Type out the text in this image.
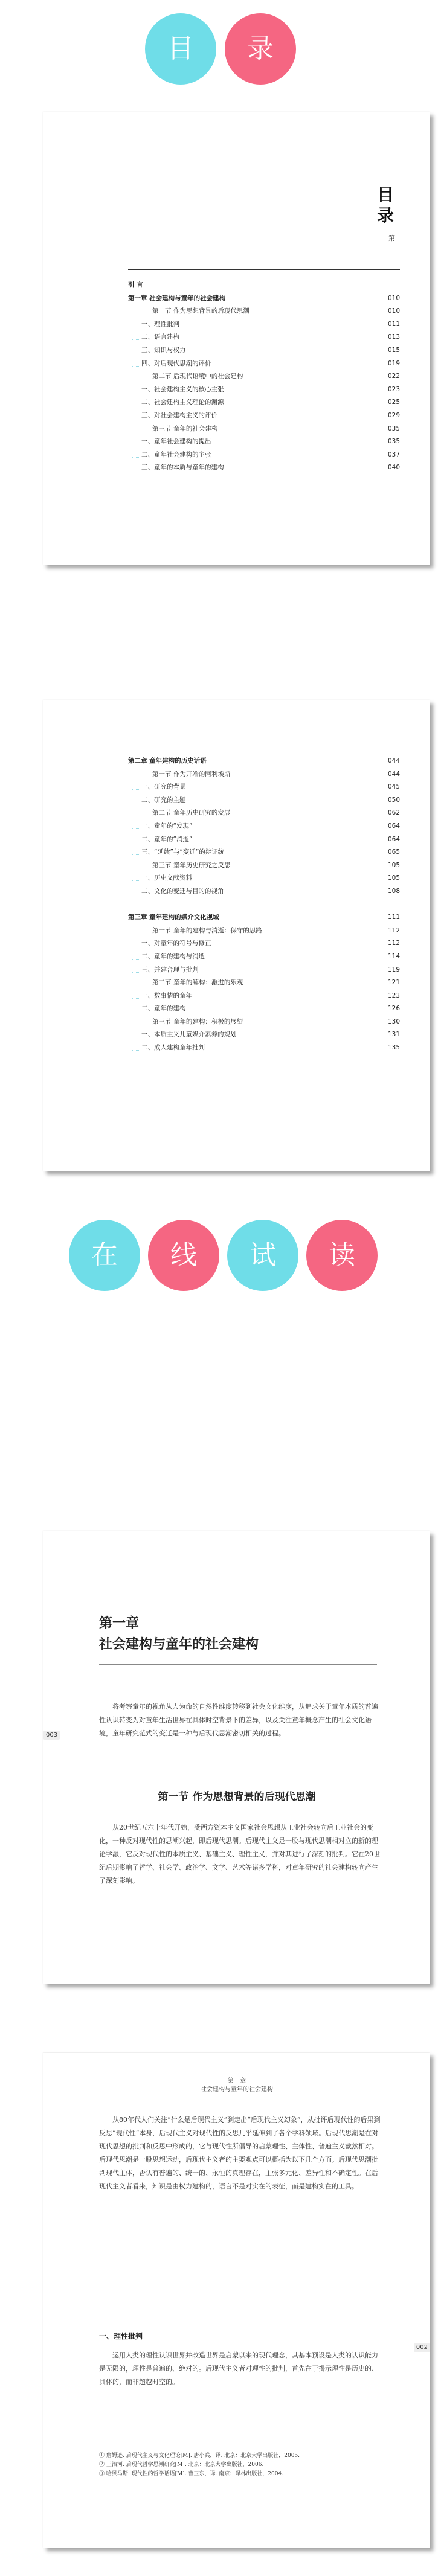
目	录
目
录
第
引 言
第一章 社会建构与童年的社会建构	010
第一节 作为思想背景的后现代思潮	010
一、理性批判	011
二、语言建构	013
三、知识与权力	015
四、对后现代思潮的评价	019
第二节 后现代语境中的社会建构	022
一、社会建构主义的核心主张	023
二、社会建构主义理论的渊源	025
三、对社会建构主义的评价	029
第三节 童年的社会建构	035
一、童年社会建构的提出	035
二、童年社会建构的主张	037
三、童年的本质与童年的建构	040
第二章 童年建构的历史话语	044
第一节 作为开端的阿利埃斯	044
一、研究的背景	045
二、研究的主题	050
第二节 童年历史研究的发展	062
一、童年的“发现”	064
二、童年的“消逝”	064
三、“延续”与“变迁”的辩证统一	065
第三节 童年历史研究之反思	105
一、历史文献资料	105
二、文化的变迁与目的的视角	108
第三章 童年建构的媒介文化视域	111
第一节 童年的建构与消逝：保守的思路	112
一、对童年的符号与修正	112
二、童年的建构与消逝	114
三、并建合理与批判	119
第二节 童年的解构：激进的乐观	121
一、数事情的童年	123
二、童年的建构	126
第三节 童年的建构：积极的展望	130
一、本质主义儿童媒介素养的规划	131
二、成人建构童年批判	135
在	线	试	读
第一章
社会建构与童年的社会建构
将考察童年的视角从人为命的自然性维度转移到社会文化维度，从追求关于童年本质的普遍性认识转变为对童年生活世界在具体时空背景下的差异，以及关注童年概念产生的社会文化语境，童年研究范式的变迁是一种与后现代思潮密切相关的过程。
003
第一节 作为思想背景的后现代思潮

从20世纪五六十年代开始，受西方资本主义国家社会思想从工业社会转向后工业社会的变化，一种反对现代性的思潮兴起，即后现代思潮。后现代主义是一股与现代思潮相对立的新的理论学派，它反对现代性的本质主义、基础主义、理性主义，并对其进行了深刻的批判。它在20世纪后期影响了哲学、社会学、政治学、文学、艺术等诸多学科，对童年研究的社会建构转向产生了深刻影响。

第一章
社会建构与童年的社会建构

从80年代人们关注“什么是后现代主义”到走出“后现代主义幻象”，从批评后现代性的后果到反思“现代性”本身，后现代主义对现代性的反思几乎延伸到了各个学科领域。后现代思潮是在对现代思想的批判和反思中形成的，它与现代性所倡导的启蒙理性、主体性、普遍主义截然相对。后现代思潮是一股思想运动，后现代主义者的主要观点可以概括为以下几个方面。后现代思潮批判现代主体，否认有普遍的、统一的、永恒的真理存在，主张多元化、差异性和不确定性。在后现代主义者看来，知识是由权力建构的，语言不是对实在的表征，而是建构实在的工具。

002
一、理性批判

运用人类的理性认识世界并改造世界是启蒙以来的现代理念，其基本预设是人类的认识能力是无限的，理性是普遍的、绝对的。后现代主义者对理性的批判，首先在于揭示理性是历史的、具体的，而非超越时空的。

① 詹姆逊. 后现代主义与文化理论[M]. 唐小兵，译. 北京：北京大学出版社，2005.
② 王治河. 后现代哲学思潮研究[M]. 北京：北京大学出版社，2006.
③ 哈贝马斯. 现代性的哲学话语[M]. 曹卫东，译. 南京：译林出版社，2004.
